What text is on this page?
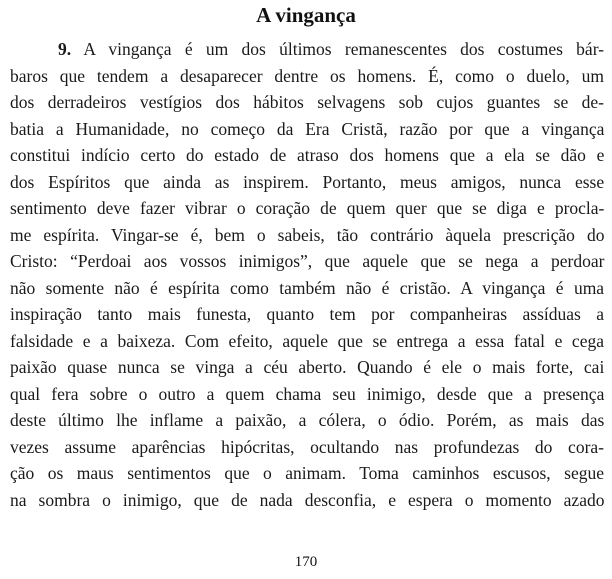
A vingança
9. A vingança é um dos últimos remanescentes dos costumes bár-
baros que tendem a desaparecer dentre os homens. É, como o duelo, um
dos derradeiros vestígios dos hábitos selvagens sob cujos guantes se de-
batia a Humanidade, no começo da Era Cristã, razão por que a vingança
constitui indício certo do estado de atraso dos homens que a ela se dão e
dos Espíritos que ainda as inspirem. Portanto, meus amigos, nunca esse
sentimento deve fazer vibrar o coração de quem quer que se diga e procla-
me espírita. Vingar-se é, bem o sabeis, tão contrário àquela prescrição do
Cristo: “Perdoai aos vossos inimigos”, que aquele que se nega a perdoar
não somente não é espírita como também não é cristão. A vingança é uma
inspiração tanto mais funesta, quanto tem por companheiras assíduas a
falsidade e a baixeza. Com efeito, aquele que se entrega a essa fatal e cega
paixão quase nunca se vinga a céu aberto. Quando é ele o mais forte, cai
qual fera sobre o outro a quem chama seu inimigo, desde que a presença
deste último lhe inflame a paixão, a cólera, o ódio. Porém, as mais das
vezes assume aparências hipócritas, ocultando nas profundezas do cora-
ção os maus sentimentos que o animam. Toma caminhos escusos, segue
na sombra o inimigo, que de nada desconfia, e espera o momento azado
170
